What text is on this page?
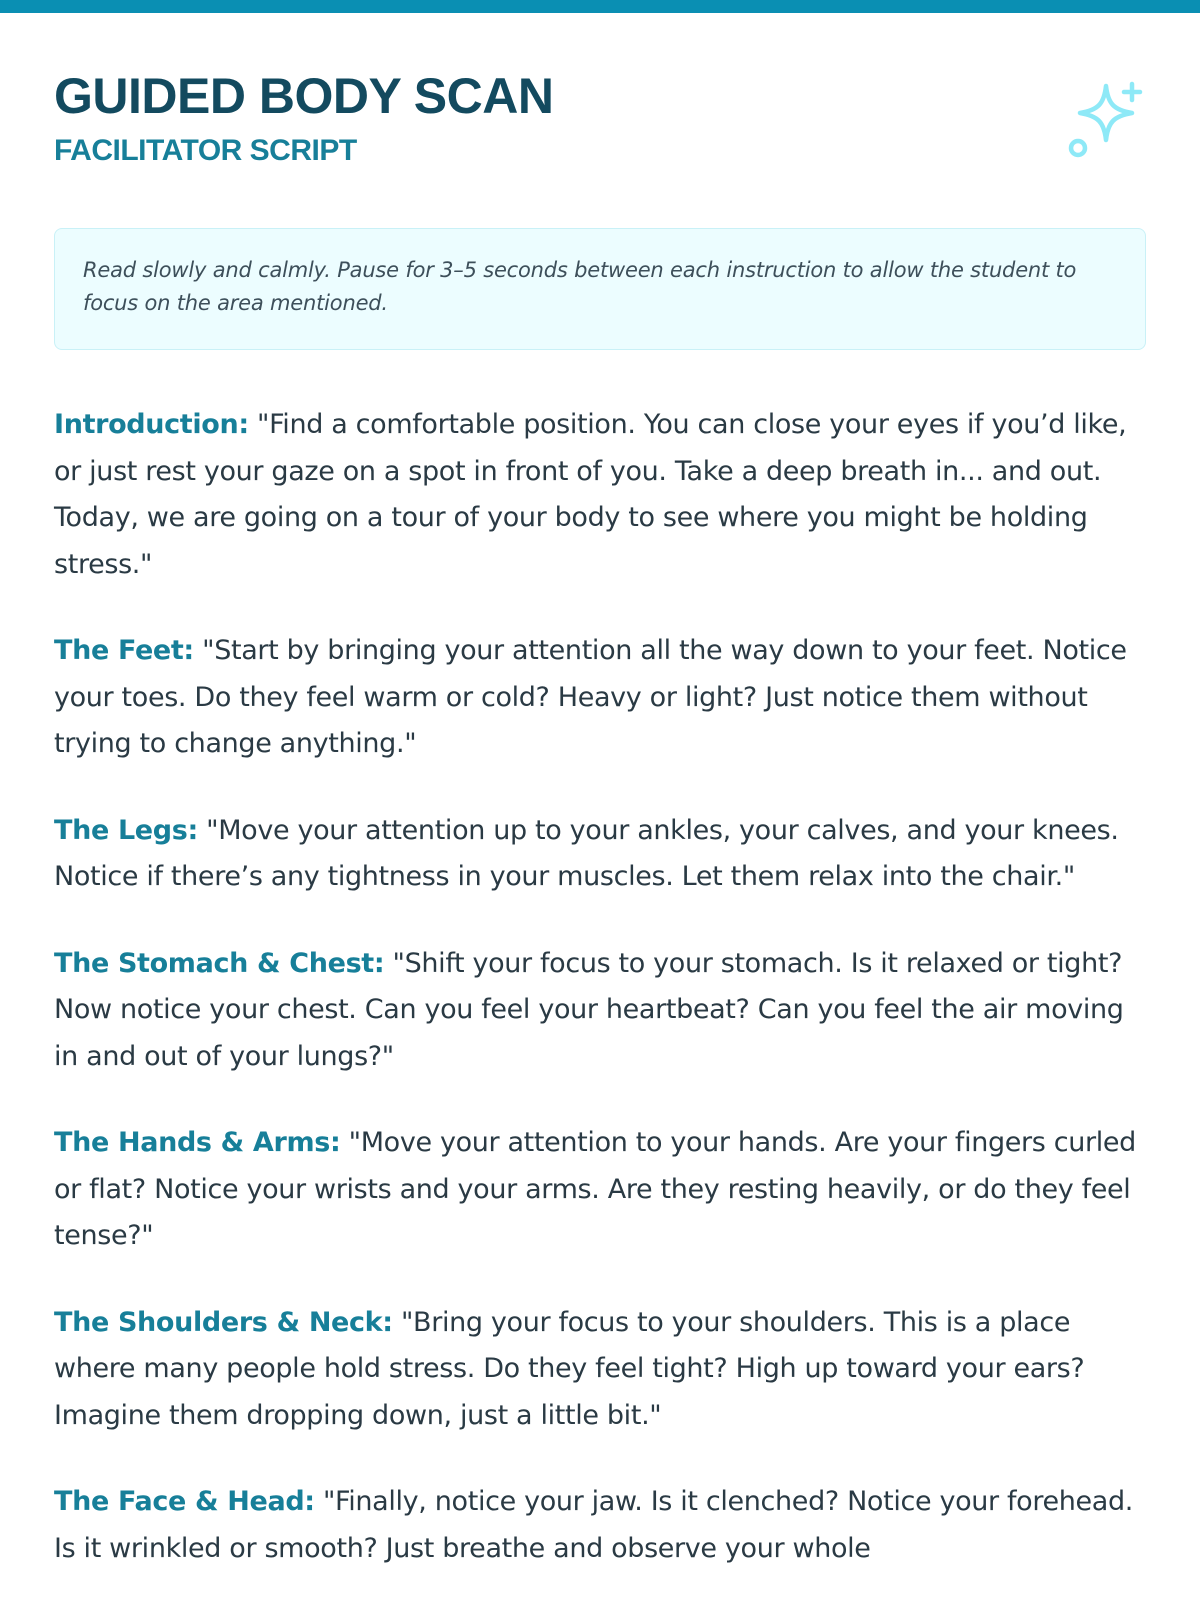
GUIDED BODY SCAN
FACILITATOR SCRIPT

Read slowly and calmly. Pause for 3–5 seconds between each instruction to allow the student to focus on the area mentioned.

Introduction: "Find a comfortable position. You can close your eyes if you’d like, or just rest your gaze on a spot in front of you. Take a deep breath in... and out. Today, we are going on a tour of your body to see where you might be holding stress."

The Feet: "Start by bringing your attention all the way down to your feet. Notice your toes. Do they feel warm or cold? Heavy or light? Just notice them without trying to change anything."

The Legs: "Move your attention up to your ankles, your calves, and your knees. Notice if there’s any tightness in your muscles. Let them relax into the chair."

The Stomach & Chest: "Shift your focus to your stomach. Is it relaxed or tight? Now notice your chest. Can you feel your heartbeat? Can you feel the air moving in and out of your lungs?"

The Hands & Arms: "Move your attention to your hands. Are your fingers curled or flat? Notice your wrists and your arms. Are they resting heavily, or do they feel tense?"

The Shoulders & Neck: "Bring your focus to your shoulders. This is a place where many people hold stress. Do they feel tight? High up toward your ears? Imagine them dropping down, just a little bit."

The Face & Head: "Finally, notice your jaw. Is it clenched? Notice your forehead. Is it wrinkled or smooth? Just breathe and observe your whole
